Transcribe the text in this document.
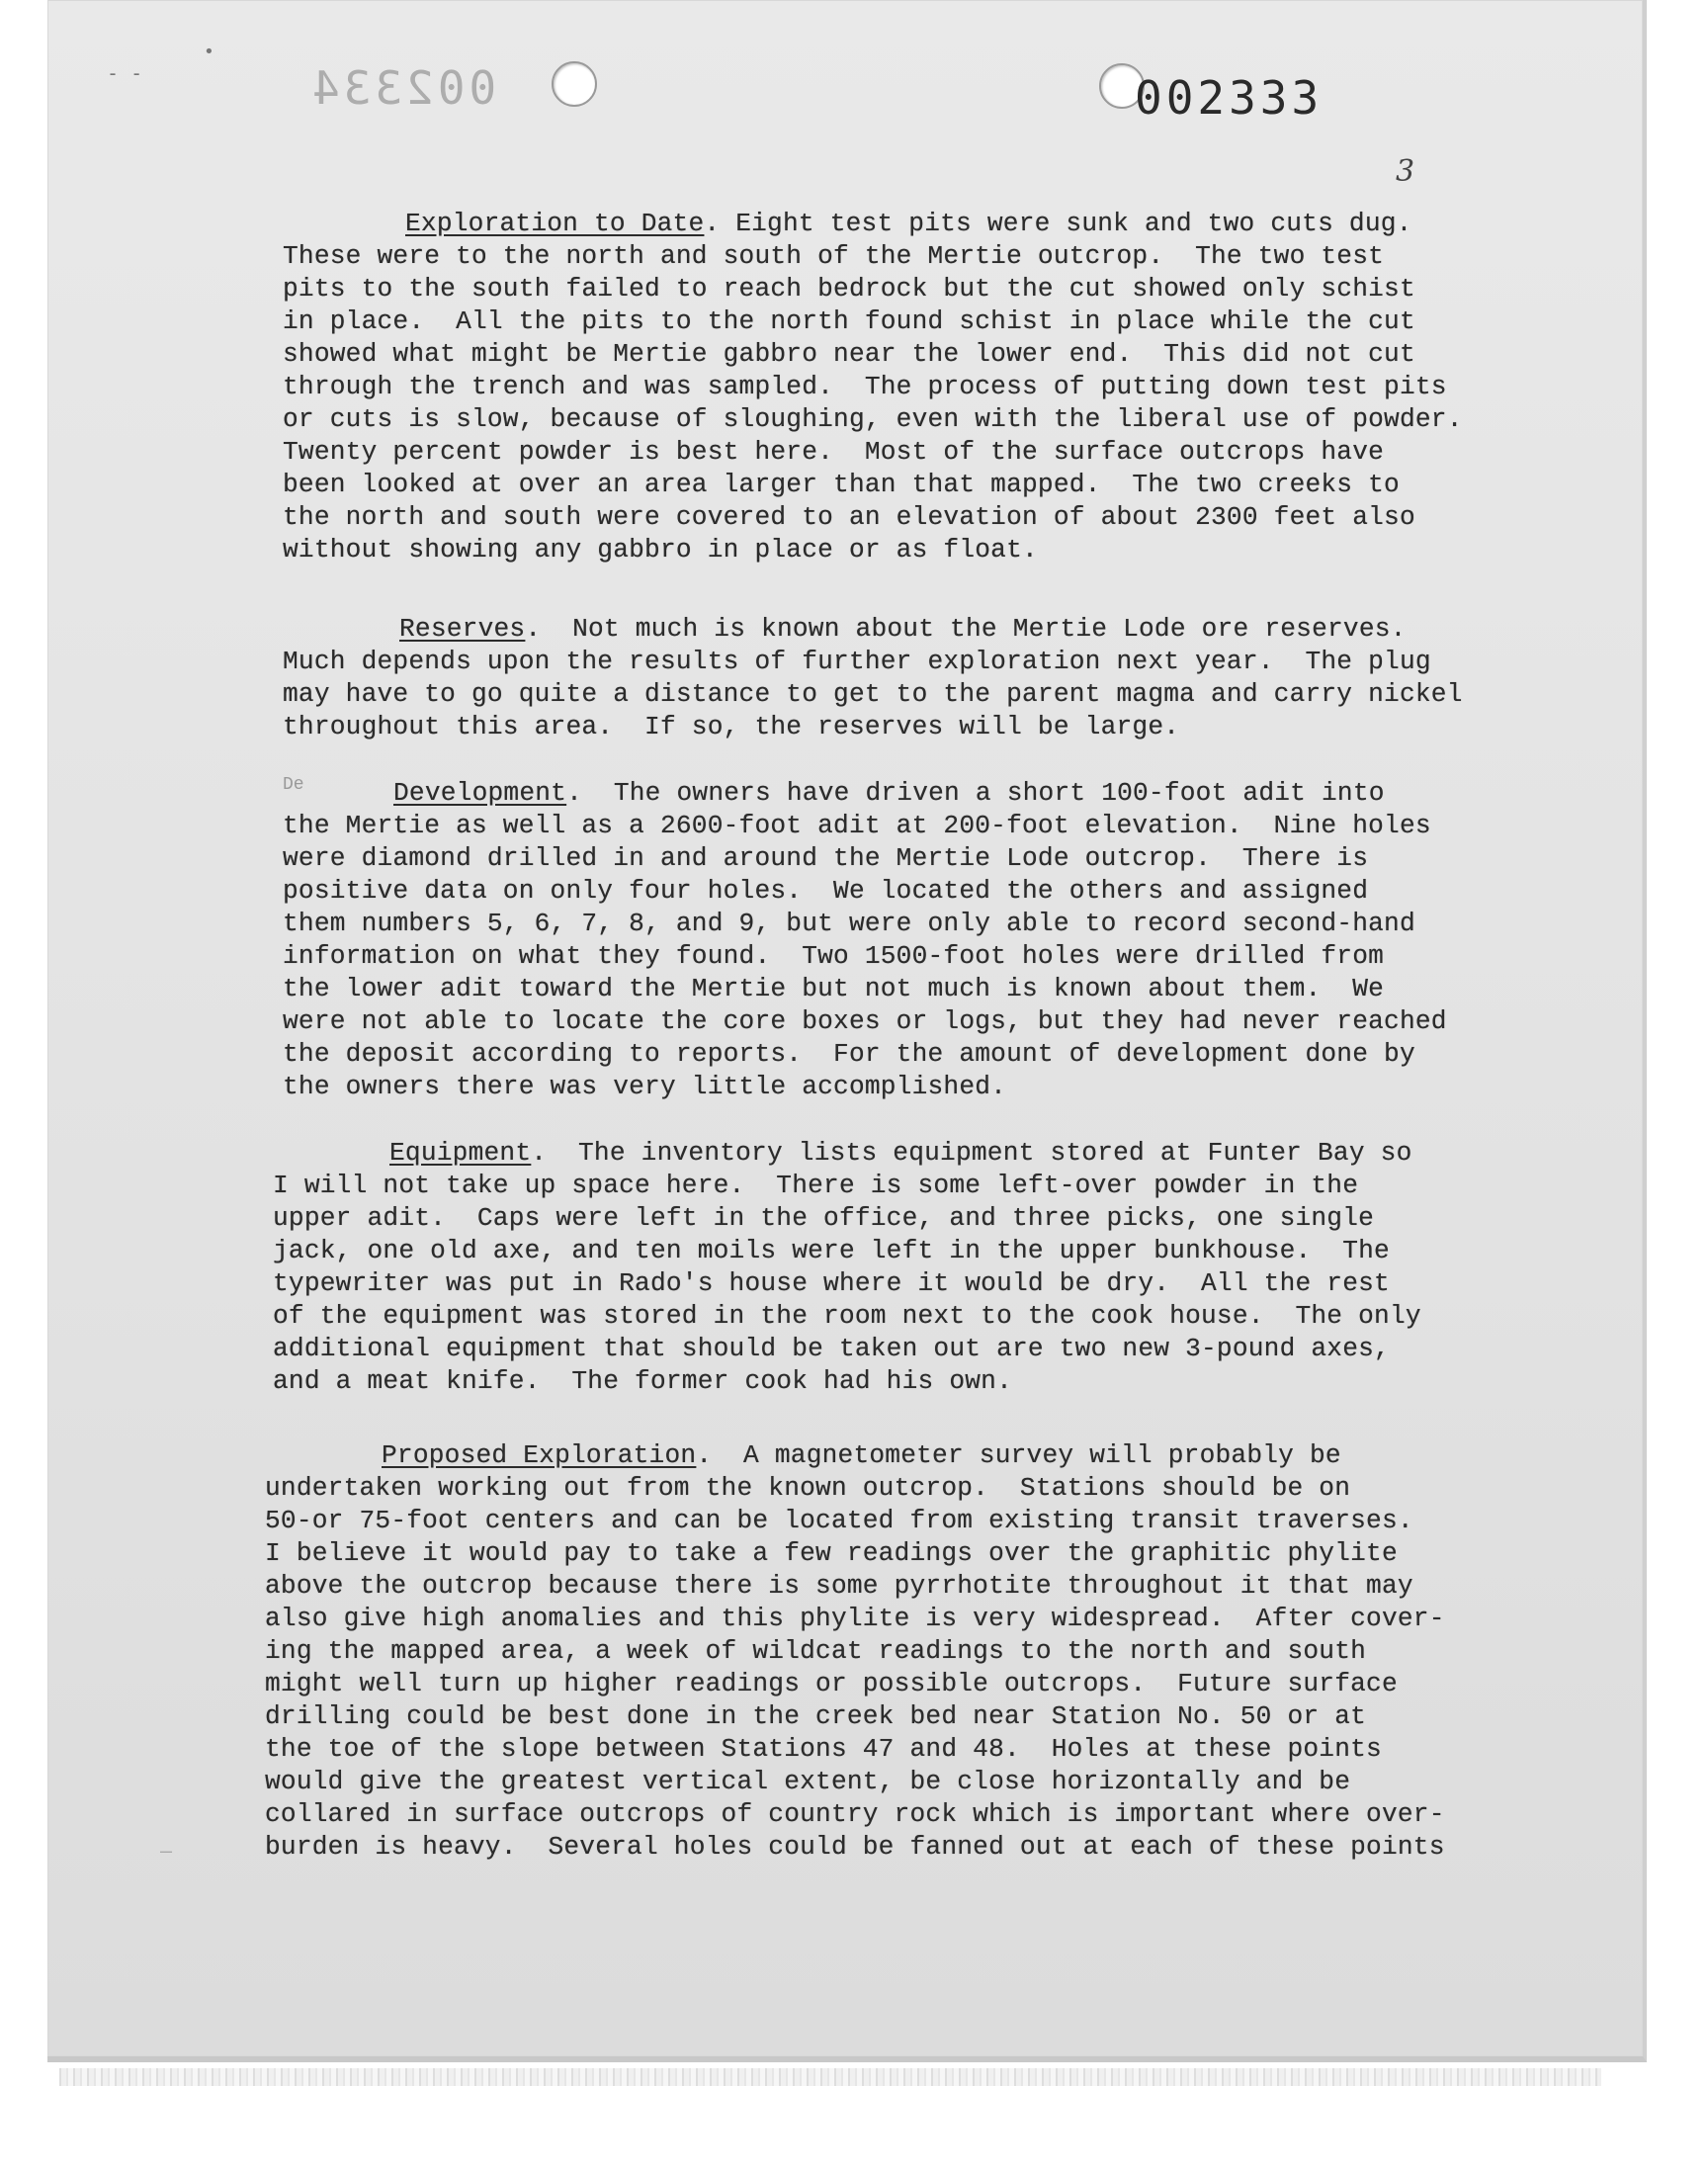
- -
•
—
002334	002333
3
Exploration to Date. Eight test pits were sunk and two cuts dug.
These were to the north and south of the Mertie outcrop.  The two test
pits to the south failed to reach bedrock but the cut showed only schist
in place.  All the pits to the north found schist in place while the cut
showed what might be Mertie gabbro near the lower end.  This did not cut
through the trench and was sampled.  The process of putting down test pits
or cuts is slow, because of sloughing, even with the liberal use of powder.
Twenty percent powder is best here.  Most of the surface outcrops have
been looked at over an area larger than that mapped.  The two creeks to
the north and south were covered to an elevation of about 2300 feet also
without showing any gabbro in place or as float.
Reserves.  Not much is known about the Mertie Lode ore reserves.
Much depends upon the results of further exploration next year.  The plug
may have to go quite a distance to get to the parent magma and carry nickel
throughout this area.  If so, the reserves will be large.
De	Development.  The owners have driven a short 100-foot adit into
the Mertie as well as a 2600-foot adit at 200-foot elevation.  Nine holes
were diamond drilled in and around the Mertie Lode outcrop.  There is
positive data on only four holes.  We located the others and assigned
them numbers 5, 6, 7, 8, and 9, but were only able to record second-hand
information on what they found.  Two 1500-foot holes were drilled from
the lower adit toward the Mertie but not much is known about them.  We
were not able to locate the core boxes or logs, but they had never reached
the deposit according to reports.  For the amount of development done by
the owners there was very little accomplished.
Equipment.  The inventory lists equipment stored at Funter Bay so
I will not take up space here.  There is some left-over powder in the
upper adit.  Caps were left in the office, and three picks, one single
jack, one old axe, and ten moils were left in the upper bunkhouse.  The
typewriter was put in Rado's house where it would be dry.  All the rest
of the equipment was stored in the room next to the cook house.  The only
additional equipment that should be taken out are two new 3-pound axes,
and a meat knife.  The former cook had his own.
Proposed Exploration.  A magnetometer survey will probably be
undertaken working out from the known outcrop.  Stations should be on
50-or 75-foot centers and can be located from existing transit traverses.
I believe it would pay to take a few readings over the graphitic phylite
above the outcrop because there is some pyrrhotite throughout it that may
also give high anomalies and this phylite is very widespread.  After cover-
ing the mapped area, a week of wildcat readings to the north and south
might well turn up higher readings or possible outcrops.  Future surface
drilling could be best done in the creek bed near Station No. 50 or at
the toe of the slope between Stations 47 and 48.  Holes at these points
would give the greatest vertical extent, be close horizontally and be
collared in surface outcrops of country rock which is important where over-
burden is heavy.  Several holes could be fanned out at each of these points
